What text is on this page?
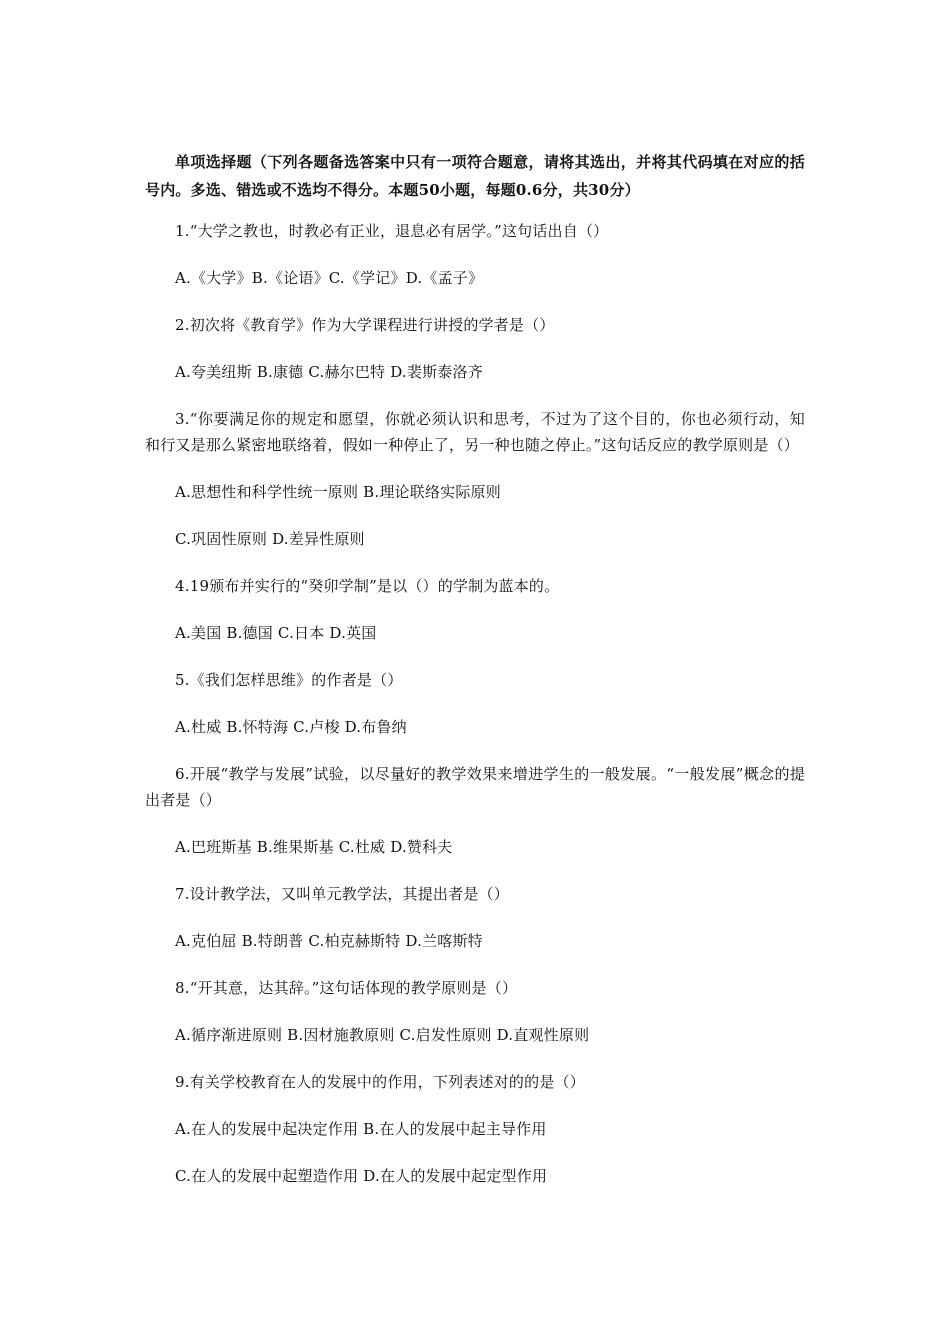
单项选择题（下列各题备选答案中只有一项符合题意，请将其选出，并将其代码填在对应的括号内。多选、错选或不选均不得分。本题50小题，每题0.6分，共30分）

1.“大学之教也，时教必有正业，退息必有居学。”这句话出自（）

A.《大学》B.《论语》C.《学记》D.《孟子》

2.初次将《教育学》作为大学课程进行讲授的学者是（）

A.夸美纽斯 B.康德 C.赫尔巴特 D.裴斯泰洛齐

3.“你要满足你的规定和愿望，你就必须认识和思考，不过为了这个目的，你也必须行动，知和行又是那么紧密地联络着，假如一种停止了，另一种也随之停止。”这句话反应的教学原则是（）

A.思想性和科学性统一原则 B.理论联络实际原则

C.巩固性原则 D.差异性原则

4.19颁布并实行的“癸卯学制”是以（）的学制为蓝本的。

A.美国 B.德国 C.日本 D.英国

5.《我们怎样思维》的作者是（）

A.杜威 B.怀特海 C.卢梭 D.布鲁纳

6.开展“教学与发展”试验，以尽量好的教学效果来增进学生的一般发展。“一般发展”概念的提出者是（）

A.巴班斯基 B.维果斯基 C.杜威 D.赞科夫

7.设计教学法，又叫单元教学法，其提出者是（）

A.克伯屈 B.特朗普 C.柏克赫斯特 D.兰喀斯特

8.“开其意，达其辞。”这句话体现的教学原则是（）

A.循序渐进原则 B.因材施教原则 C.启发性原则 D.直观性原则

9.有关学校教育在人的发展中的作用，下列表述对的的是（）

A.在人的发展中起决定作用 B.在人的发展中起主导作用

C.在人的发展中起塑造作用 D.在人的发展中起定型作用
